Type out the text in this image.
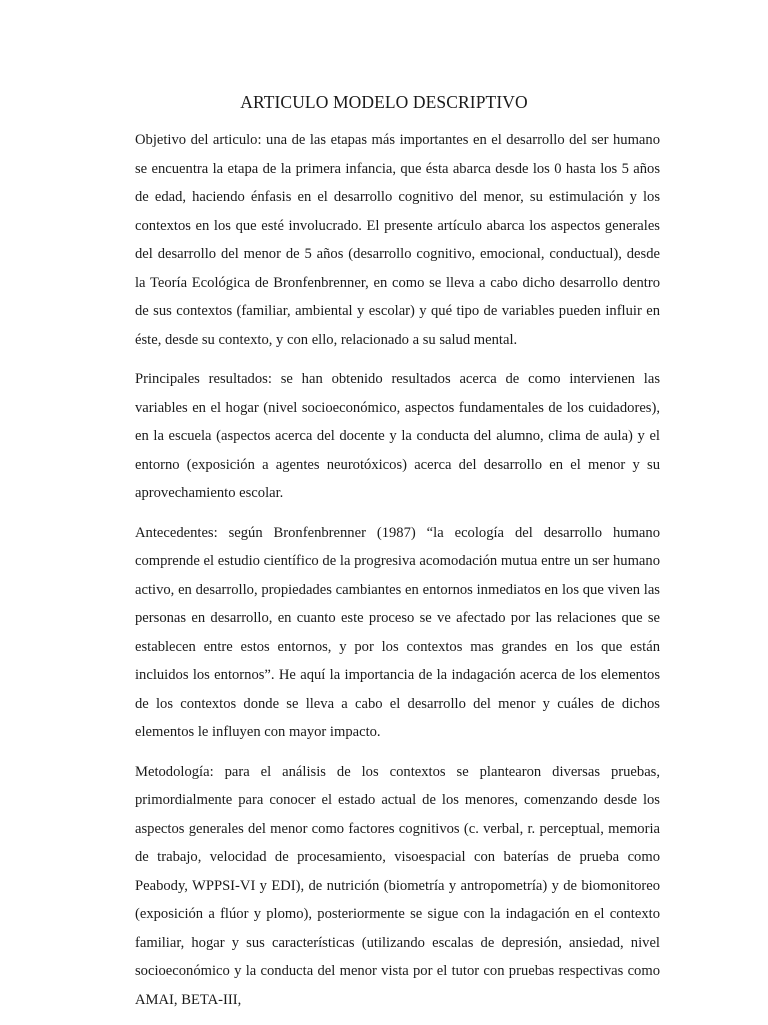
ARTICULO MODELO DESCRIPTIVO

Objetivo del articulo: una de las etapas más importantes en el desarrollo del ser humano se encuentra la etapa de la primera infancia, que ésta abarca desde los 0 hasta los 5 años de edad, haciendo énfasis en el desarrollo cognitivo del menor, su estimulación y los contextos en los que esté involucrado. El presente artículo abarca los aspectos generales del desarrollo del menor de 5 años (desarrollo cognitivo, emocional, conductual), desde la Teoría Ecológica de Bronfenbrenner, en como se lleva a cabo dicho desarrollo dentro de sus contextos (familiar, ambiental y escolar) y qué tipo de variables pueden influir en éste, desde su contexto, y con ello, relacionado a su salud mental.

Principales resultados: se han obtenido resultados acerca de como intervienen las variables en el hogar (nivel socioeconómico, aspectos fundamentales de los cuidadores), en la escuela (aspectos acerca del docente y la conducta del alumno, clima de aula) y el entorno (exposición a agentes neurotóxicos) acerca del desarrollo en el menor y su aprovechamiento escolar.

Antecedentes: según Bronfenbrenner (1987) “la ecología del desarrollo humano comprende el estudio científico de la progresiva acomodación mutua entre un ser humano activo, en desarrollo, propiedades cambiantes en entornos inmediatos en los que viven las personas en desarrollo, en cuanto este proceso se ve afectado por las relaciones que se establecen entre estos entornos, y por los contextos mas grandes en los que están incluidos los entornos”. He aquí la importancia de la indagación acerca de los elementos de los contextos donde se lleva a cabo el desarrollo del menor y cuáles de dichos elementos le influyen con mayor impacto.

Metodología: para el análisis de los contextos se plantearon diversas pruebas, primordialmente para conocer el estado actual de los menores, comenzando desde los aspectos generales del menor como factores cognitivos (c. verbal, r. perceptual, memoria de trabajo, velocidad de procesamiento, visoespacial con baterías de prueba como Peabody, WPPSI-VI y EDI), de nutrición (biometría y antropometría) y de biomonitoreo (exposición a flúor y plomo), posteriormente se sigue con la indagación en el contexto familiar, hogar y sus características (utilizando escalas de depresión, ansiedad, nivel socioeconómico y la conducta del menor vista por el tutor con pruebas respectivas como AMAI, BETA-III,
